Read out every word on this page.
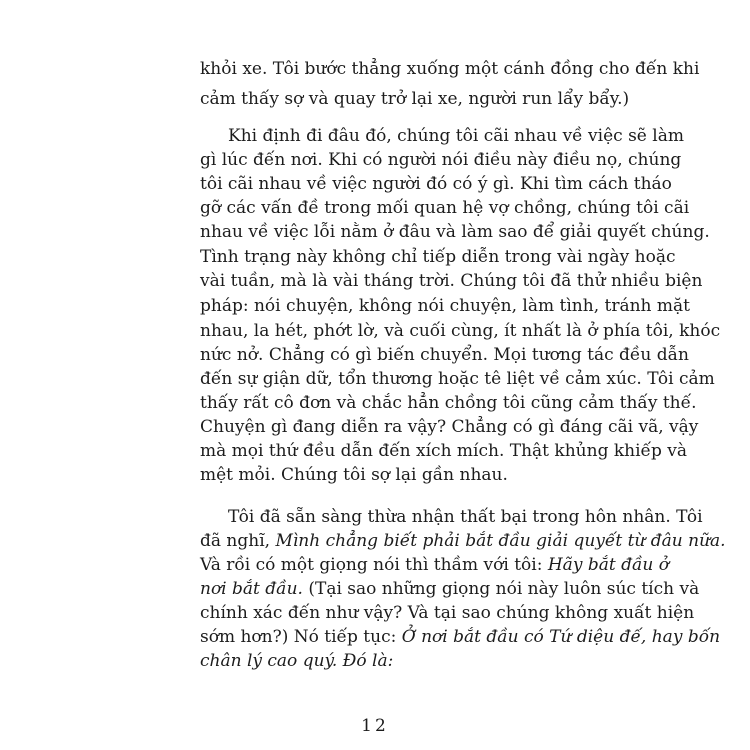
khỏi xe. Tôi bước thẳng xuống một cánh đồng cho đến khi
cảm thấy sợ và quay trở lại xe, người run lẩy bẩy.)
Khi định đi đâu đó, chúng tôi cãi nhau về việc sẽ làm
gì lúc đến nơi. Khi có người nói điều này điều nọ, chúng
tôi cãi nhau về việc người đó có ý gì. Khi tìm cách tháo
gỡ các vấn đề trong mối quan hệ vợ chồng, chúng tôi cãi
nhau về việc lỗi nằm ở đâu và làm sao để giải quyết chúng.
Tình trạng này không chỉ tiếp diễn trong vài ngày hoặc
vài tuần, mà là vài tháng trời. Chúng tôi đã thử nhiều biện
pháp: nói chuyện, không nói chuyện, làm tình, tránh mặt
nhau, la hét, phớt lờ, và cuối cùng, ít nhất là ở phía tôi, khóc
nức nở. Chẳng có gì biến chuyển. Mọi tương tác đều dẫn
đến sự giận dữ, tổn thương hoặc tê liệt về cảm xúc. Tôi cảm
thấy rất cô đơn và chắc hẳn chồng tôi cũng cảm thấy thế.
Chuyện gì đang diễn ra vậy? Chẳng có gì đáng cãi vã, vậy
mà mọi thứ đều dẫn đến xích mích. Thật khủng khiếp và
mệt mỏi. Chúng tôi sợ lại gần nhau.
Tôi đã sẵn sàng thừa nhận thất bại trong hôn nhân. Tôi
đã nghĩ, Mình chẳng biết phải bắt đầu giải quyết từ đâu nữa.
Và rồi có một giọng nói thì thầm với tôi: Hãy bắt đầu ở
nơi bắt đầu. (Tại sao những giọng nói này luôn súc tích và
chính xác đến như vậy? Và tại sao chúng không xuất hiện
sớm hơn?) Nó tiếp tục: Ở nơi bắt đầu có Tứ diệu đế, hay bốn
chân lý cao quý. Đó là:
12
